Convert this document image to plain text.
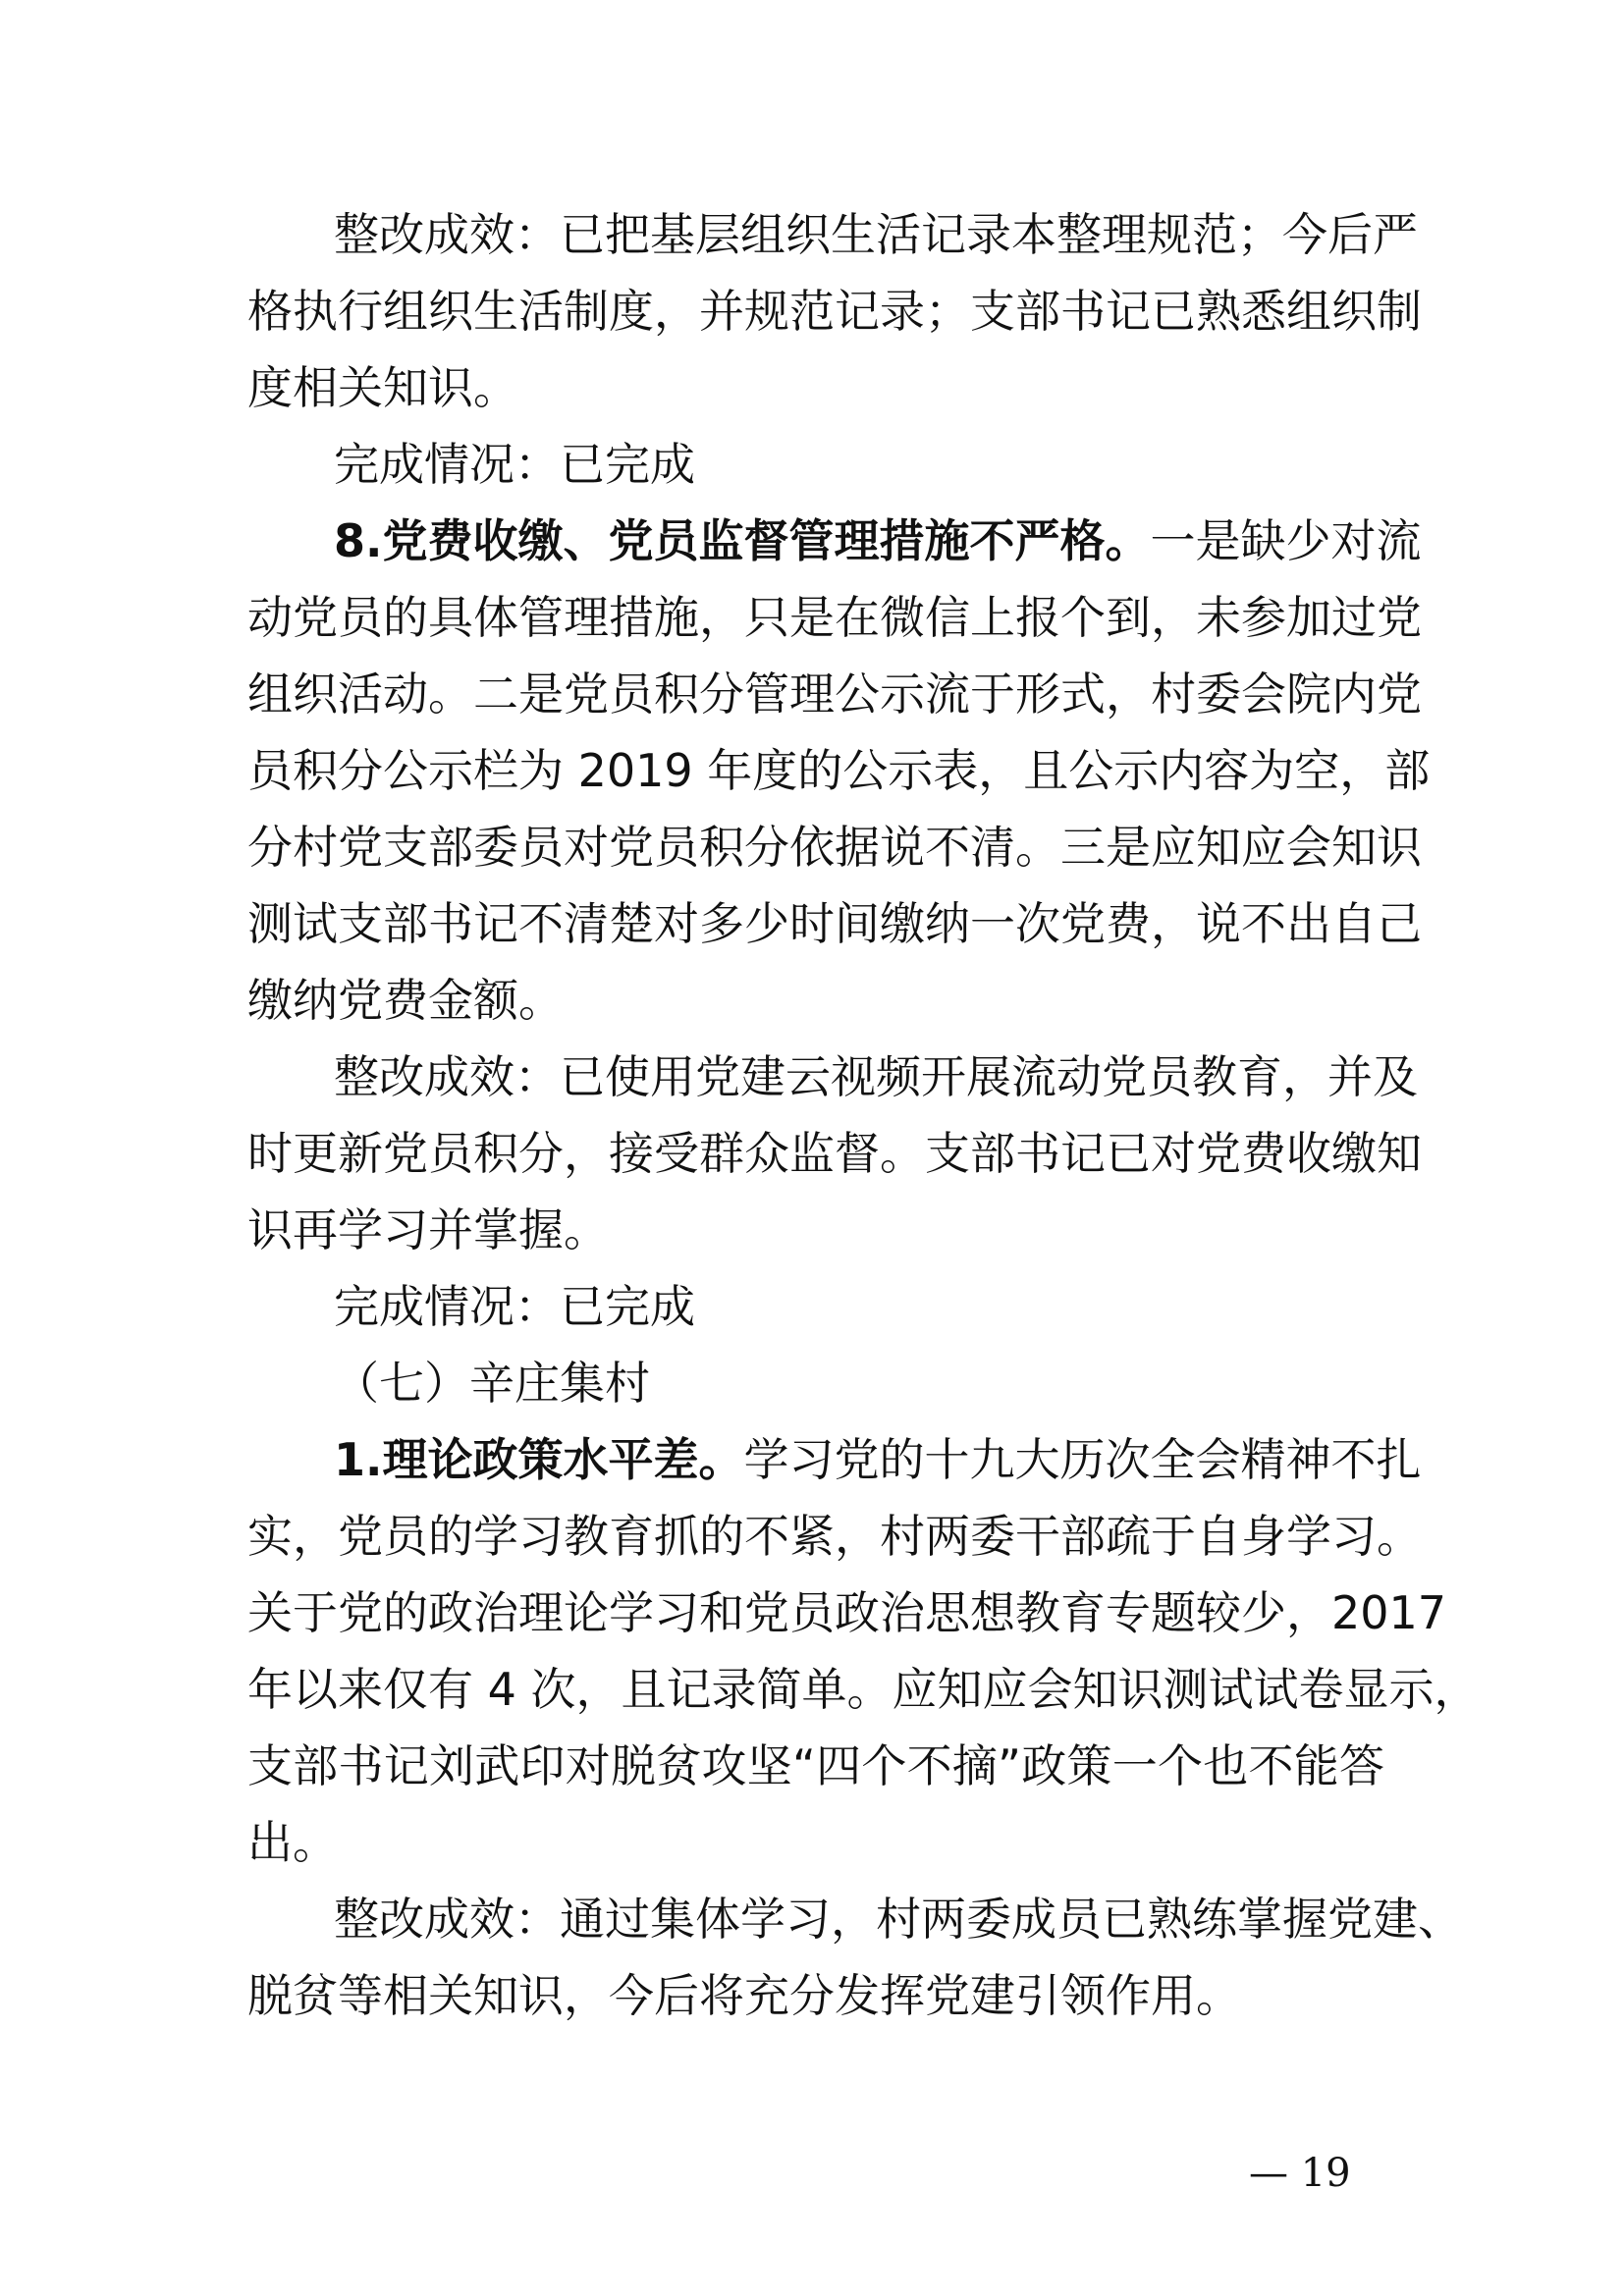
整改成效：已把基层组织生活记录本整理规范；今后严
格执行组织生活制度，并规范记录；支部书记已熟悉组织制
度相关知识。
完成情况：已完成
8.党费收缴、党员监督管理措施不严格。一是缺少对流
动党员的具体管理措施，只是在微信上报个到，未参加过党
组织活动。二是党员积分管理公示流于形式，村委会院内党
员积分公示栏为 2019 年度的公示表，且公示内容为空，部
分村党支部委员对党员积分依据说不清。三是应知应会知识
测试支部书记不清楚对多少时间缴纳一次党费，说不出自己
缴纳党费金额。
整改成效：已使用党建云视频开展流动党员教育，并及
时更新党员积分，接受群众监督。支部书记已对党费收缴知
识再学习并掌握。
完成情况：已完成
（七）辛庄集村
1.理论政策水平差。学习党的十九大历次全会精神不扎
实，党员的学习教育抓的不紧，村两委干部疏于自身学习。
关于党的政治理论学习和党员政治思想教育专题较少，2017
年以来仅有 4 次，且记录简单。应知应会知识测试试卷显示，
支部书记刘武印对脱贫攻坚“四个不摘”政策一个也不能答
出。
整改成效：通过集体学习，村两委成员已熟练掌握党建、
脱贫等相关知识，今后将充分发挥党建引领作用。
— 19
